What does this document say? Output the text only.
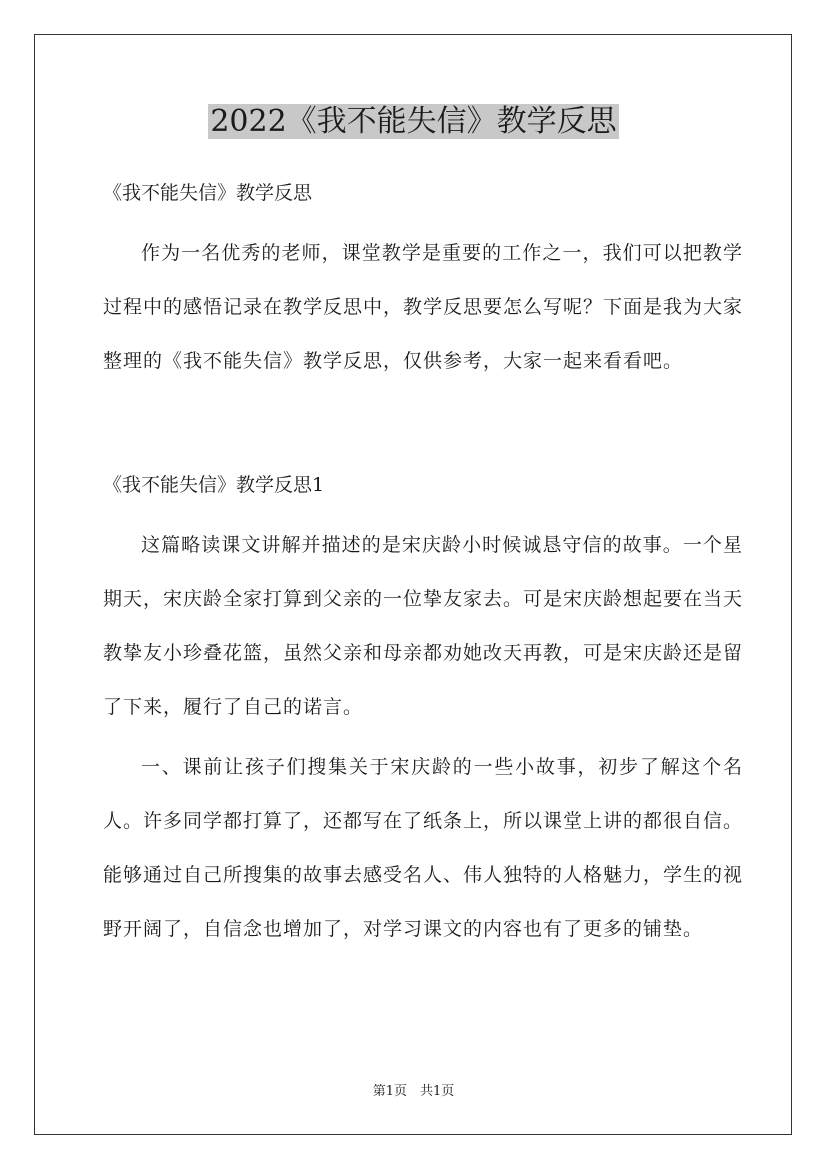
2022《我不能失信》教学反思

《我不能失信》教学反思

作为一名优秀的老师，课堂教学是重要的工作之一，我们可以把教学过程中的感悟记录在教学反思中，教学反思要怎么写呢？下面是我为大家整理的《我不能失信》教学反思，仅供参考，大家一起来看看吧。

《我不能失信》教学反思1

这篇略读课文讲解并描述的是宋庆龄小时候诚恳守信的故事。一个星期天，宋庆龄全家打算到父亲的一位挚友家去。可是宋庆龄想起要在当天教挚友小珍叠花篮，虽然父亲和母亲都劝她改天再教，可是宋庆龄还是留了下来，履行了自己的诺言。

一、课前让孩子们搜集关于宋庆龄的一些小故事，初步了解这个名人。许多同学都打算了，还都写在了纸条上，所以课堂上讲的都很自信。能够通过自己所搜集的故事去感受名人、伟人独特的人格魅力，学生的视野开阔了，自信念也增加了，对学习课文的内容也有了更多的铺垫。

第1页　共1页
